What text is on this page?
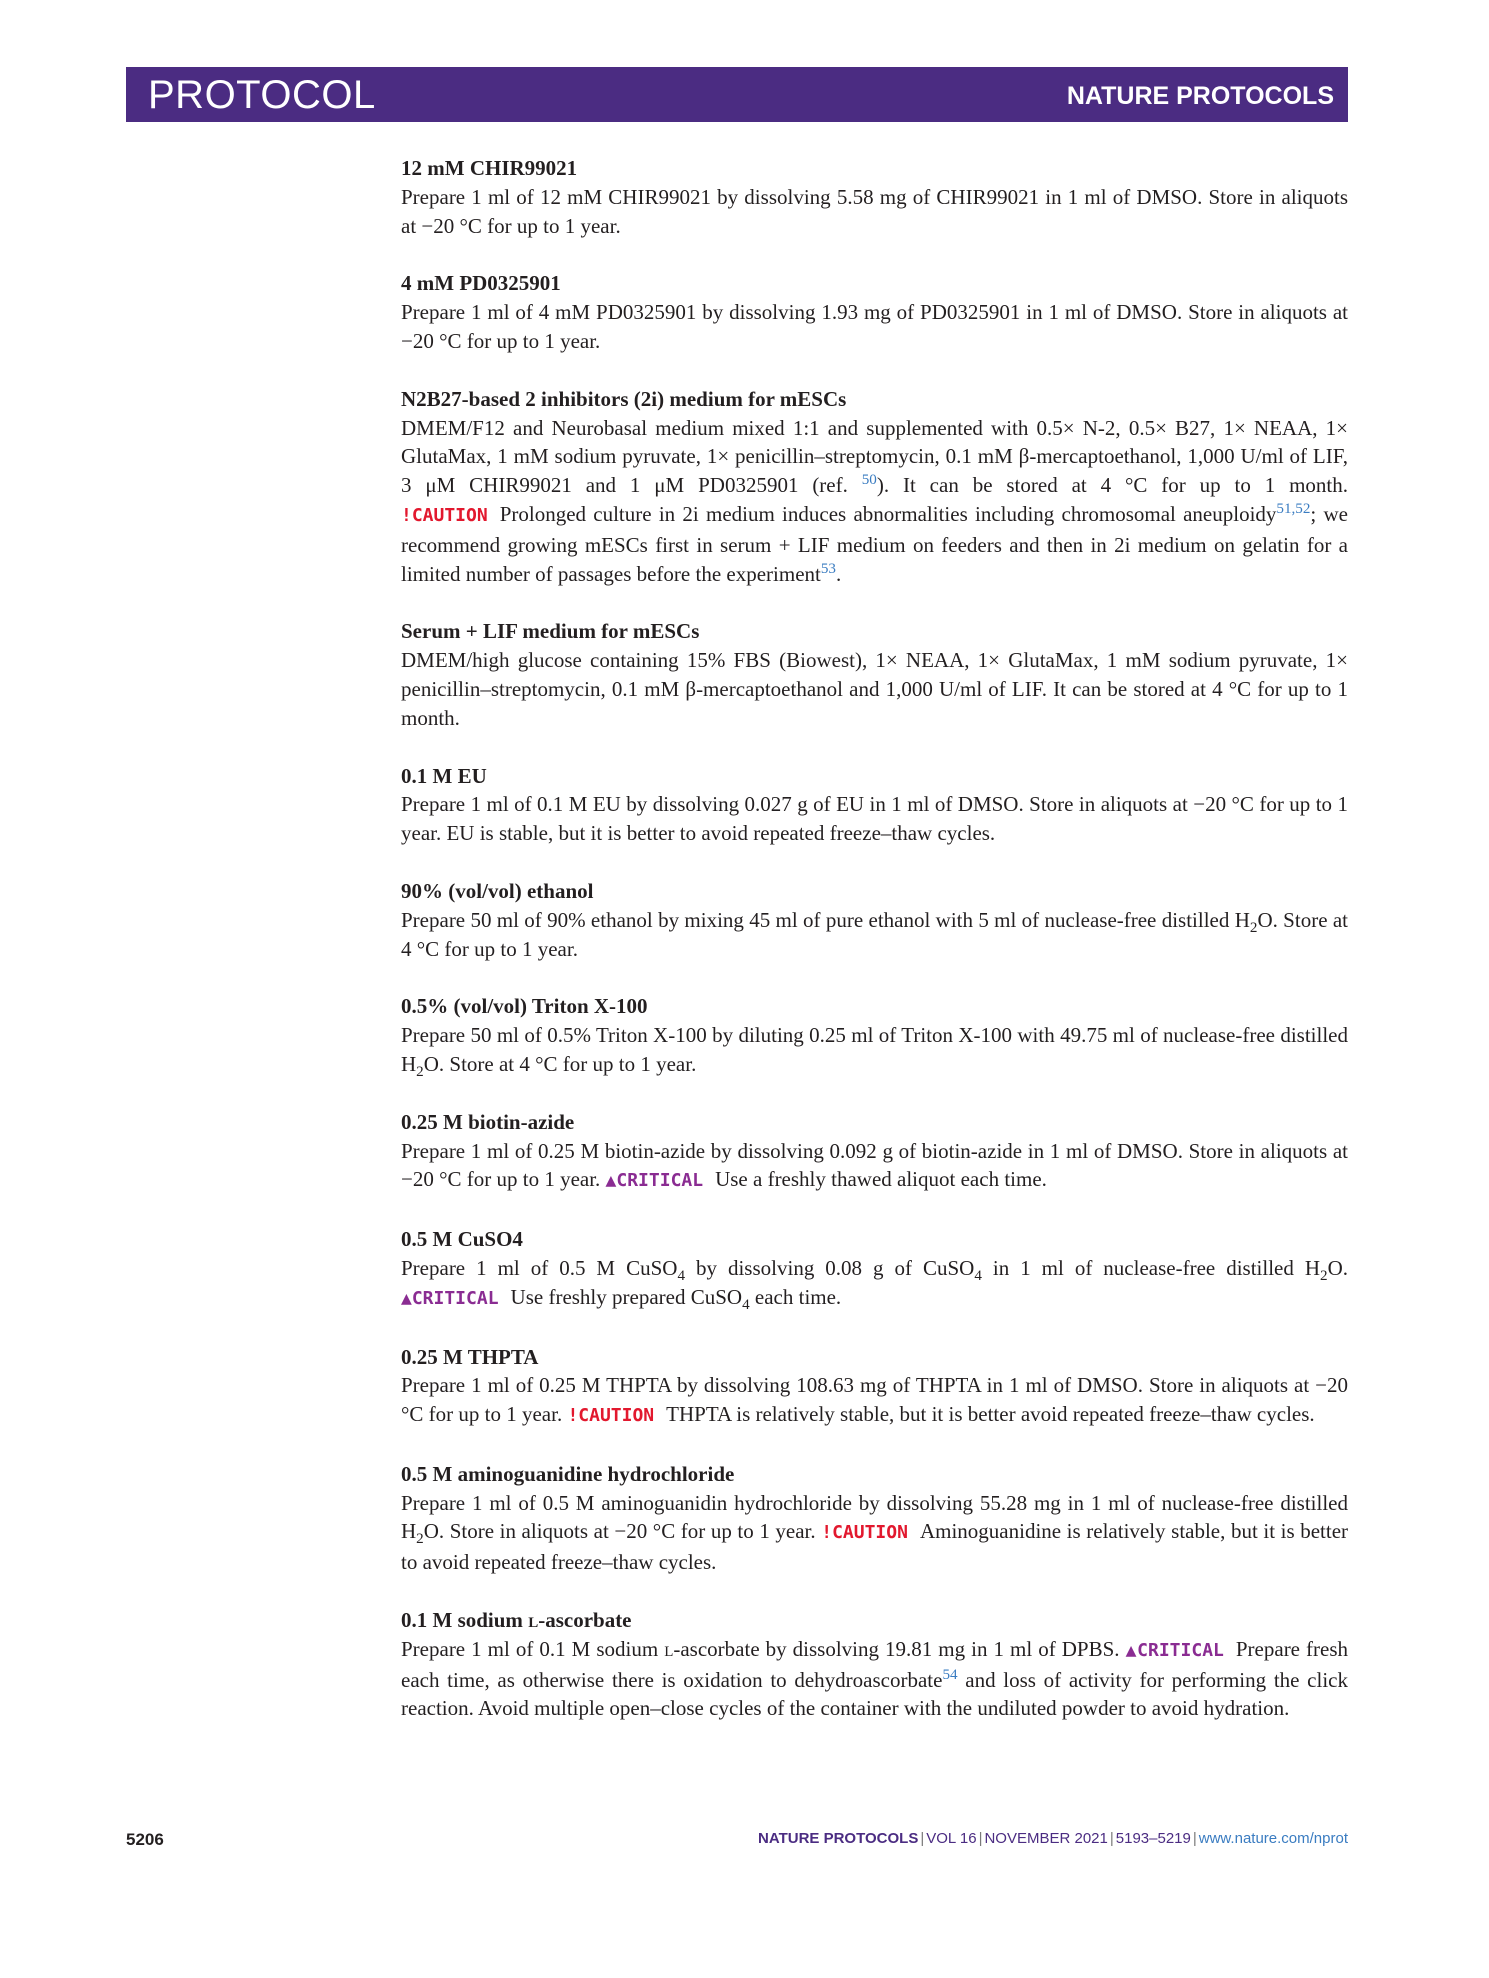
PROTOCOL	NATURE PROTOCOLS
12 mM CHIR99021
Prepare 1 ml of 12 mM CHIR99021 by dissolving 5.58 mg of CHIR99021 in 1 ml of DMSO. Store in aliquots at −20 °C for up to 1 year.
4 mM PD0325901
Prepare 1 ml of 4 mM PD0325901 by dissolving 1.93 mg of PD0325901 in 1 ml of DMSO. Store in aliquots at −20 °C for up to 1 year.
N2B27-based 2 inhibitors (2i) medium for mESCs
DMEM/F12 and Neurobasal medium mixed 1:1 and supplemented with 0.5× N-2, 0.5× B27, 1× NEAA, 1× GlutaMax, 1 mM sodium pyruvate, 1× penicillin–streptomycin, 0.1 mM β-mercaptoethanol, 1,000 U/ml of LIF, 3 μM CHIR99021 and 1 μM PD0325901 (ref. $^{50}$). It can be stored at 4 °C for up to 1 month. !CAUTION Prolonged culture in 2i medium induces abnormalities including chromosomal aneuploidy$^{51,52}$; we recommend growing mESCs first in serum + LIF medium on feeders and then in 2i medium on gelatin for a limited number of passages before the experiment$^{53}$.
Serum + LIF medium for mESCs
DMEM/high glucose containing 15% FBS (Biowest), 1× NEAA, 1× GlutaMax, 1 mM sodium pyruvate, 1× penicillin–streptomycin, 0.1 mM β-mercaptoethanol and 1,000 U/ml of LIF. It can be stored at 4 °C for up to 1 month.
0.1 M EU
Prepare 1 ml of 0.1 M EU by dissolving 0.027 g of EU in 1 ml of DMSO. Store in aliquots at −20 °C for up to 1 year. EU is stable, but it is better to avoid repeated freeze–thaw cycles.
90% (vol/vol) ethanol
Prepare 50 ml of 90% ethanol by mixing 45 ml of pure ethanol with 5 ml of nuclease-free distilled $H_2O$. Store at 4 °C for up to 1 year.
0.5% (vol/vol) Triton X-100
Prepare 50 ml of 0.5% Triton X-100 by diluting 0.25 ml of Triton X-100 with 49.75 ml of nuclease-free distilled $H_2O$. Store at 4 °C for up to 1 year.
0.25 M biotin-azide
Prepare 1 ml of 0.25 M biotin-azide by dissolving 0.092 g of biotin-azide in 1 ml of DMSO. Store in aliquots at −20 °C for up to 1 year. ▲CRITICAL Use a freshly thawed aliquot each time.
0.5 M CuSO4
Prepare 1 ml of 0.5 M CuSO$_4$ by dissolving 0.08 g of CuSO$_4$ in 1 ml of nuclease-free distilled $H_2O$. ▲CRITICAL Use freshly prepared CuSO$_4$ each time.
0.25 M THPTA
Prepare 1 ml of 0.25 M THPTA by dissolving 108.63 mg of THPTA in 1 ml of DMSO. Store in aliquots at −20 °C for up to 1 year. !CAUTION THPTA is relatively stable, but it is better avoid repeated freeze–thaw cycles.
0.5 M aminoguanidine hydrochloride
Prepare 1 ml of 0.5 M aminoguanidin hydrochloride by dissolving 55.28 mg in 1 ml of nuclease-free distilled $H_2O$. Store in aliquots at −20 °C for up to 1 year. !CAUTION Aminoguanidine is relatively stable, but it is better to avoid repeated freeze–thaw cycles.
0.1 M sodium l-ascorbate
Prepare 1 ml of 0.1 M sodium l-ascorbate by dissolving 19.81 mg in 1 ml of DPBS. ▲CRITICAL Prepare fresh each time, as otherwise there is oxidation to dehydroascorbate$^{54}$ and loss of activity for performing the click reaction. Avoid multiple open–close cycles of the container with the undiluted powder to avoid hydration.
5206	NATURE PROTOCOLS | VOL 16 | NOVEMBER 2021 | 5193–5219 | www.nature.com/nprot
